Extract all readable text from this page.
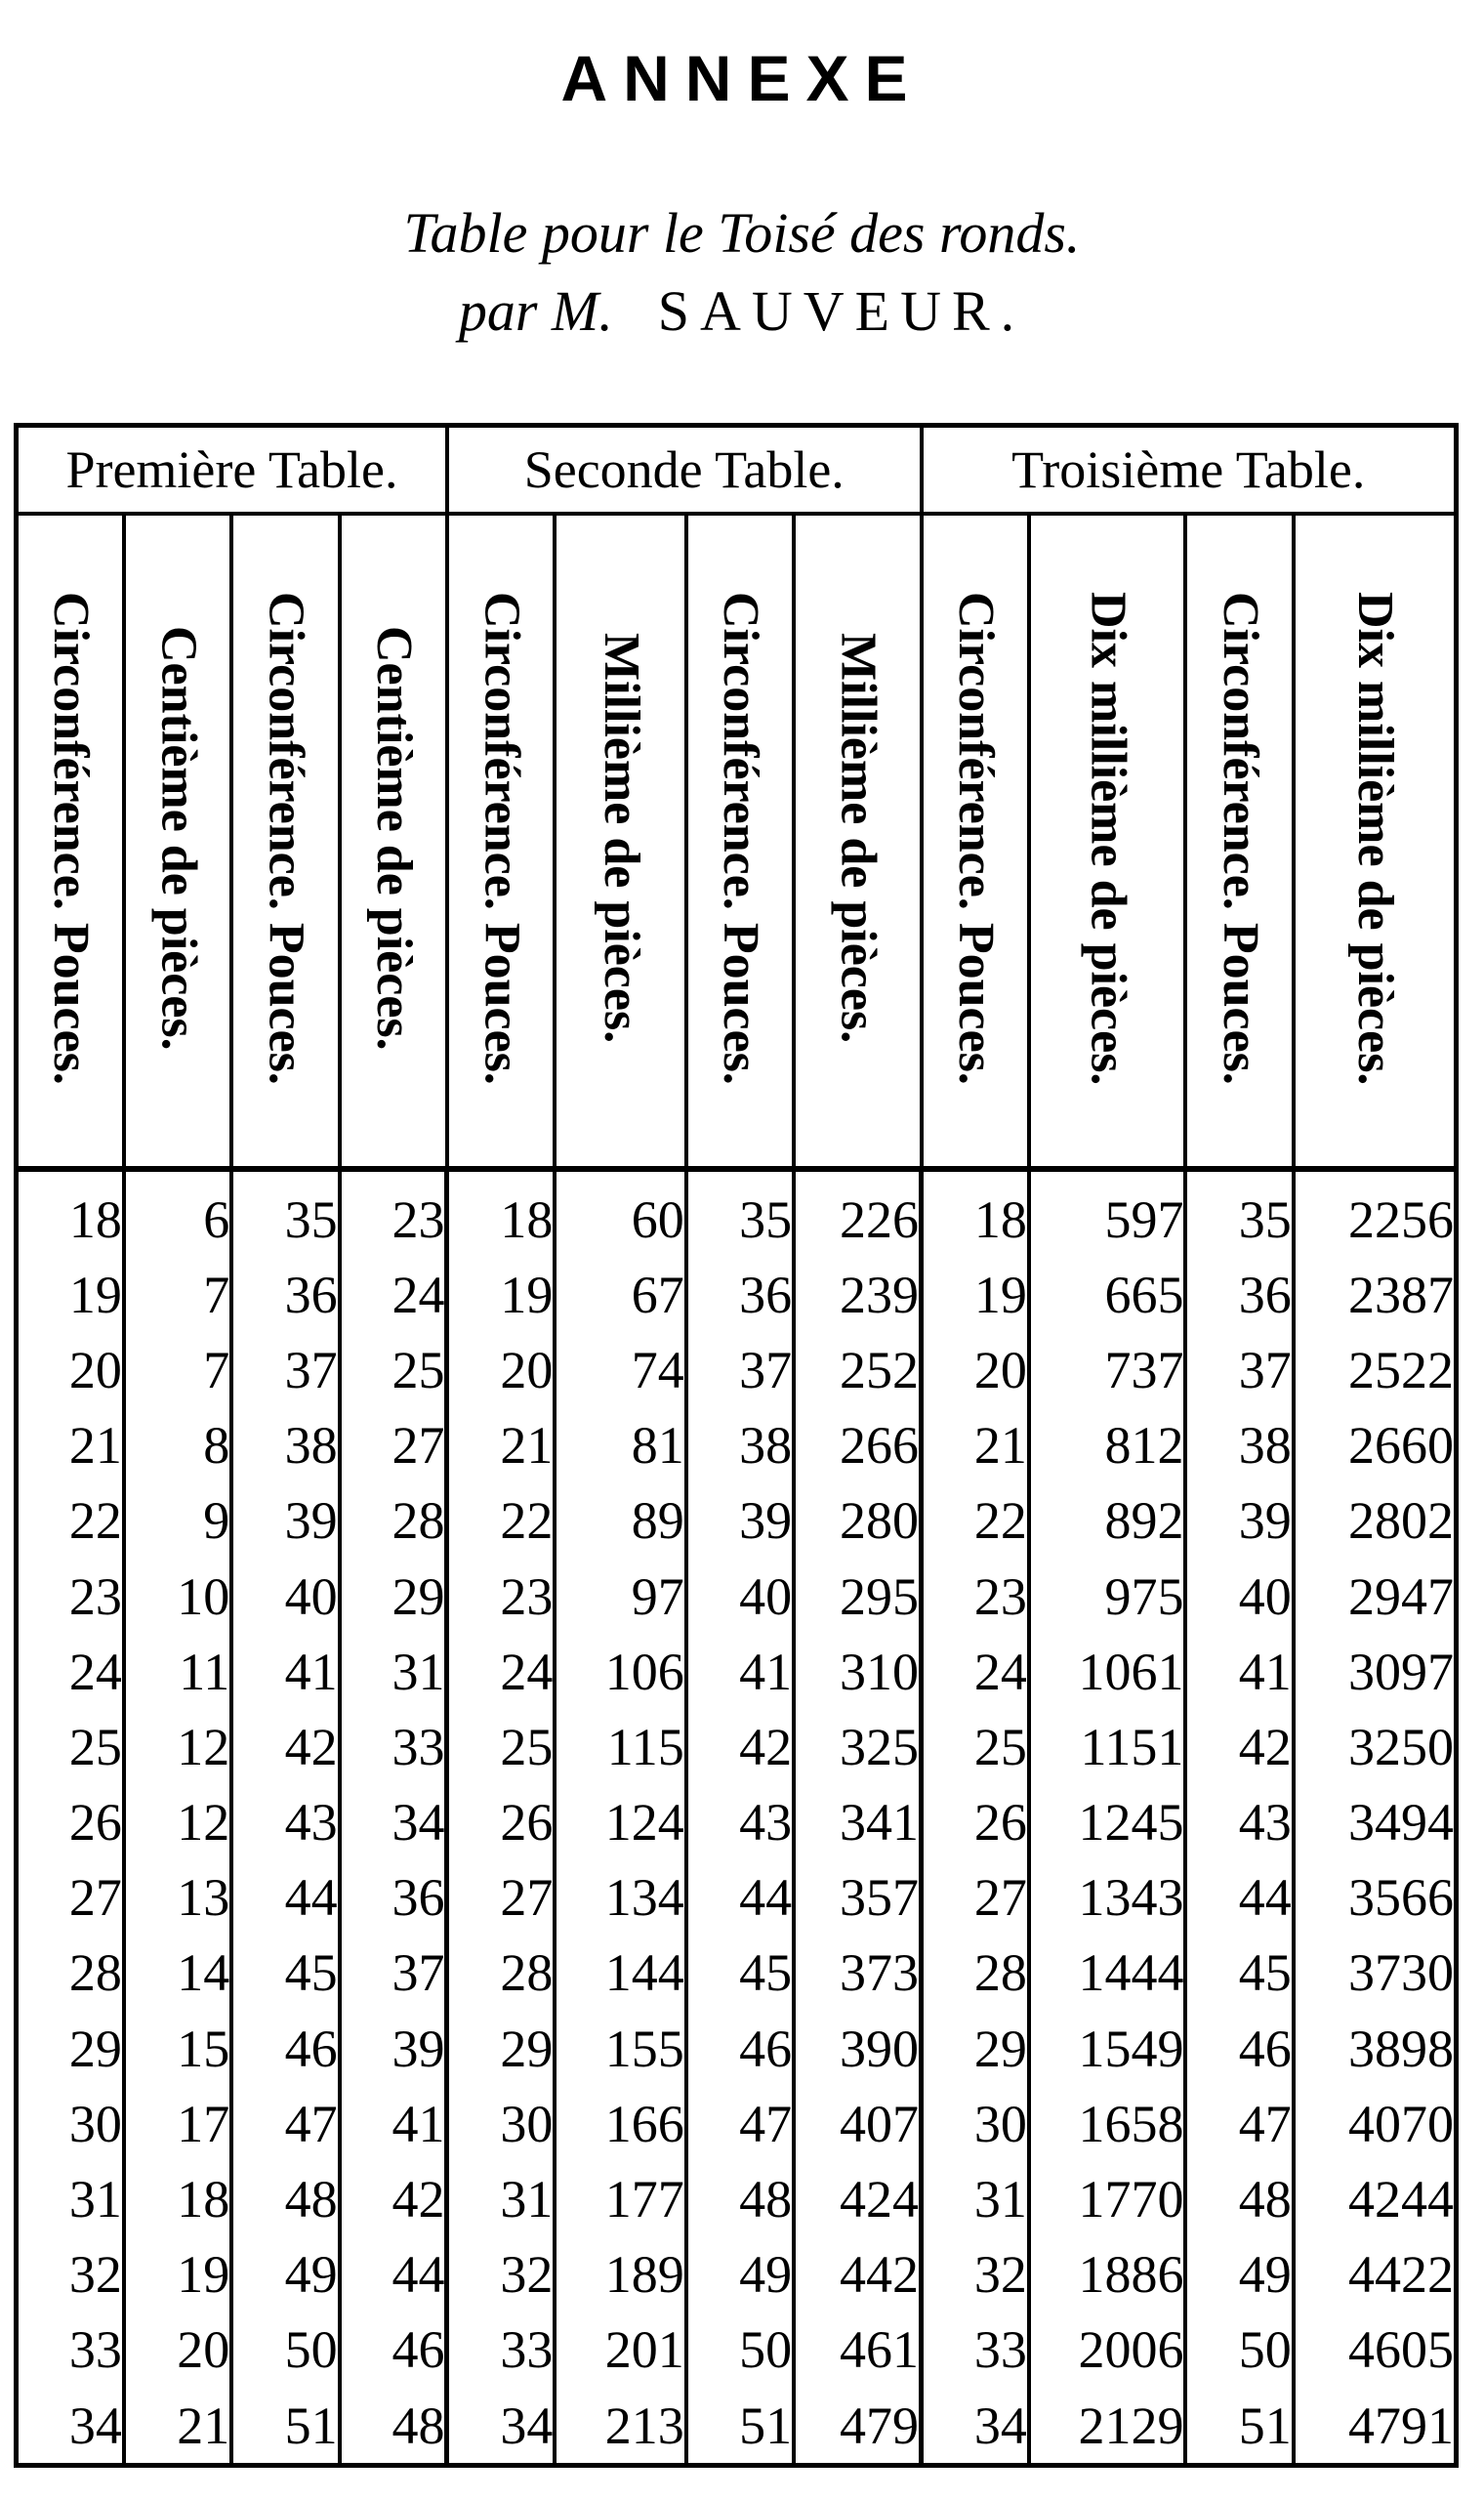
ANNEXE
Table pour le Toisé des ronds.
par M. SAUVEUR.
Première Table.				Seconde Table.				Troisième Table.			
Circonférence. Pouces.	Centième de pièces.	Circonférence. Pouces.	Centième de pièces.	Circonférence. Pouces.	Millième de pièces.	Circonférence. Pouces.	Millième de pièces.	Circonférence. Pouces.	Dix millième de pièces.	Circonférence. Pouces.	Dix millième de pièces.
18	6	35	23	18	60	35	226	18	597	35	2256
19	7	36	24	19	67	36	239	19	665	36	2387
20	7	37	25	20	74	37	252	20	737	37	2522
21	8	38	27	21	81	38	266	21	812	38	2660
22	9	39	28	22	89	39	280	22	892	39	2802
23	10	40	29	23	97	40	295	23	975	40	2947
24	11	41	31	24	106	41	310	24	1061	41	3097
25	12	42	33	25	115	42	325	25	1151	42	3250
26	12	43	34	26	124	43	341	26	1245	43	3494
27	13	44	36	27	134	44	357	27	1343	44	3566
28	14	45	37	28	144	45	373	28	1444	45	3730
29	15	46	39	29	155	46	390	29	1549	46	3898
30	17	47	41	30	166	47	407	30	1658	47	4070
31	18	48	42	31	177	48	424	31	1770	48	4244
32	19	49	44	32	189	49	442	32	1886	49	4422
33	20	50	46	33	201	50	461	33	2006	50	4605
34	21	51	48	34	213	51	479	34	2129	51	4791
